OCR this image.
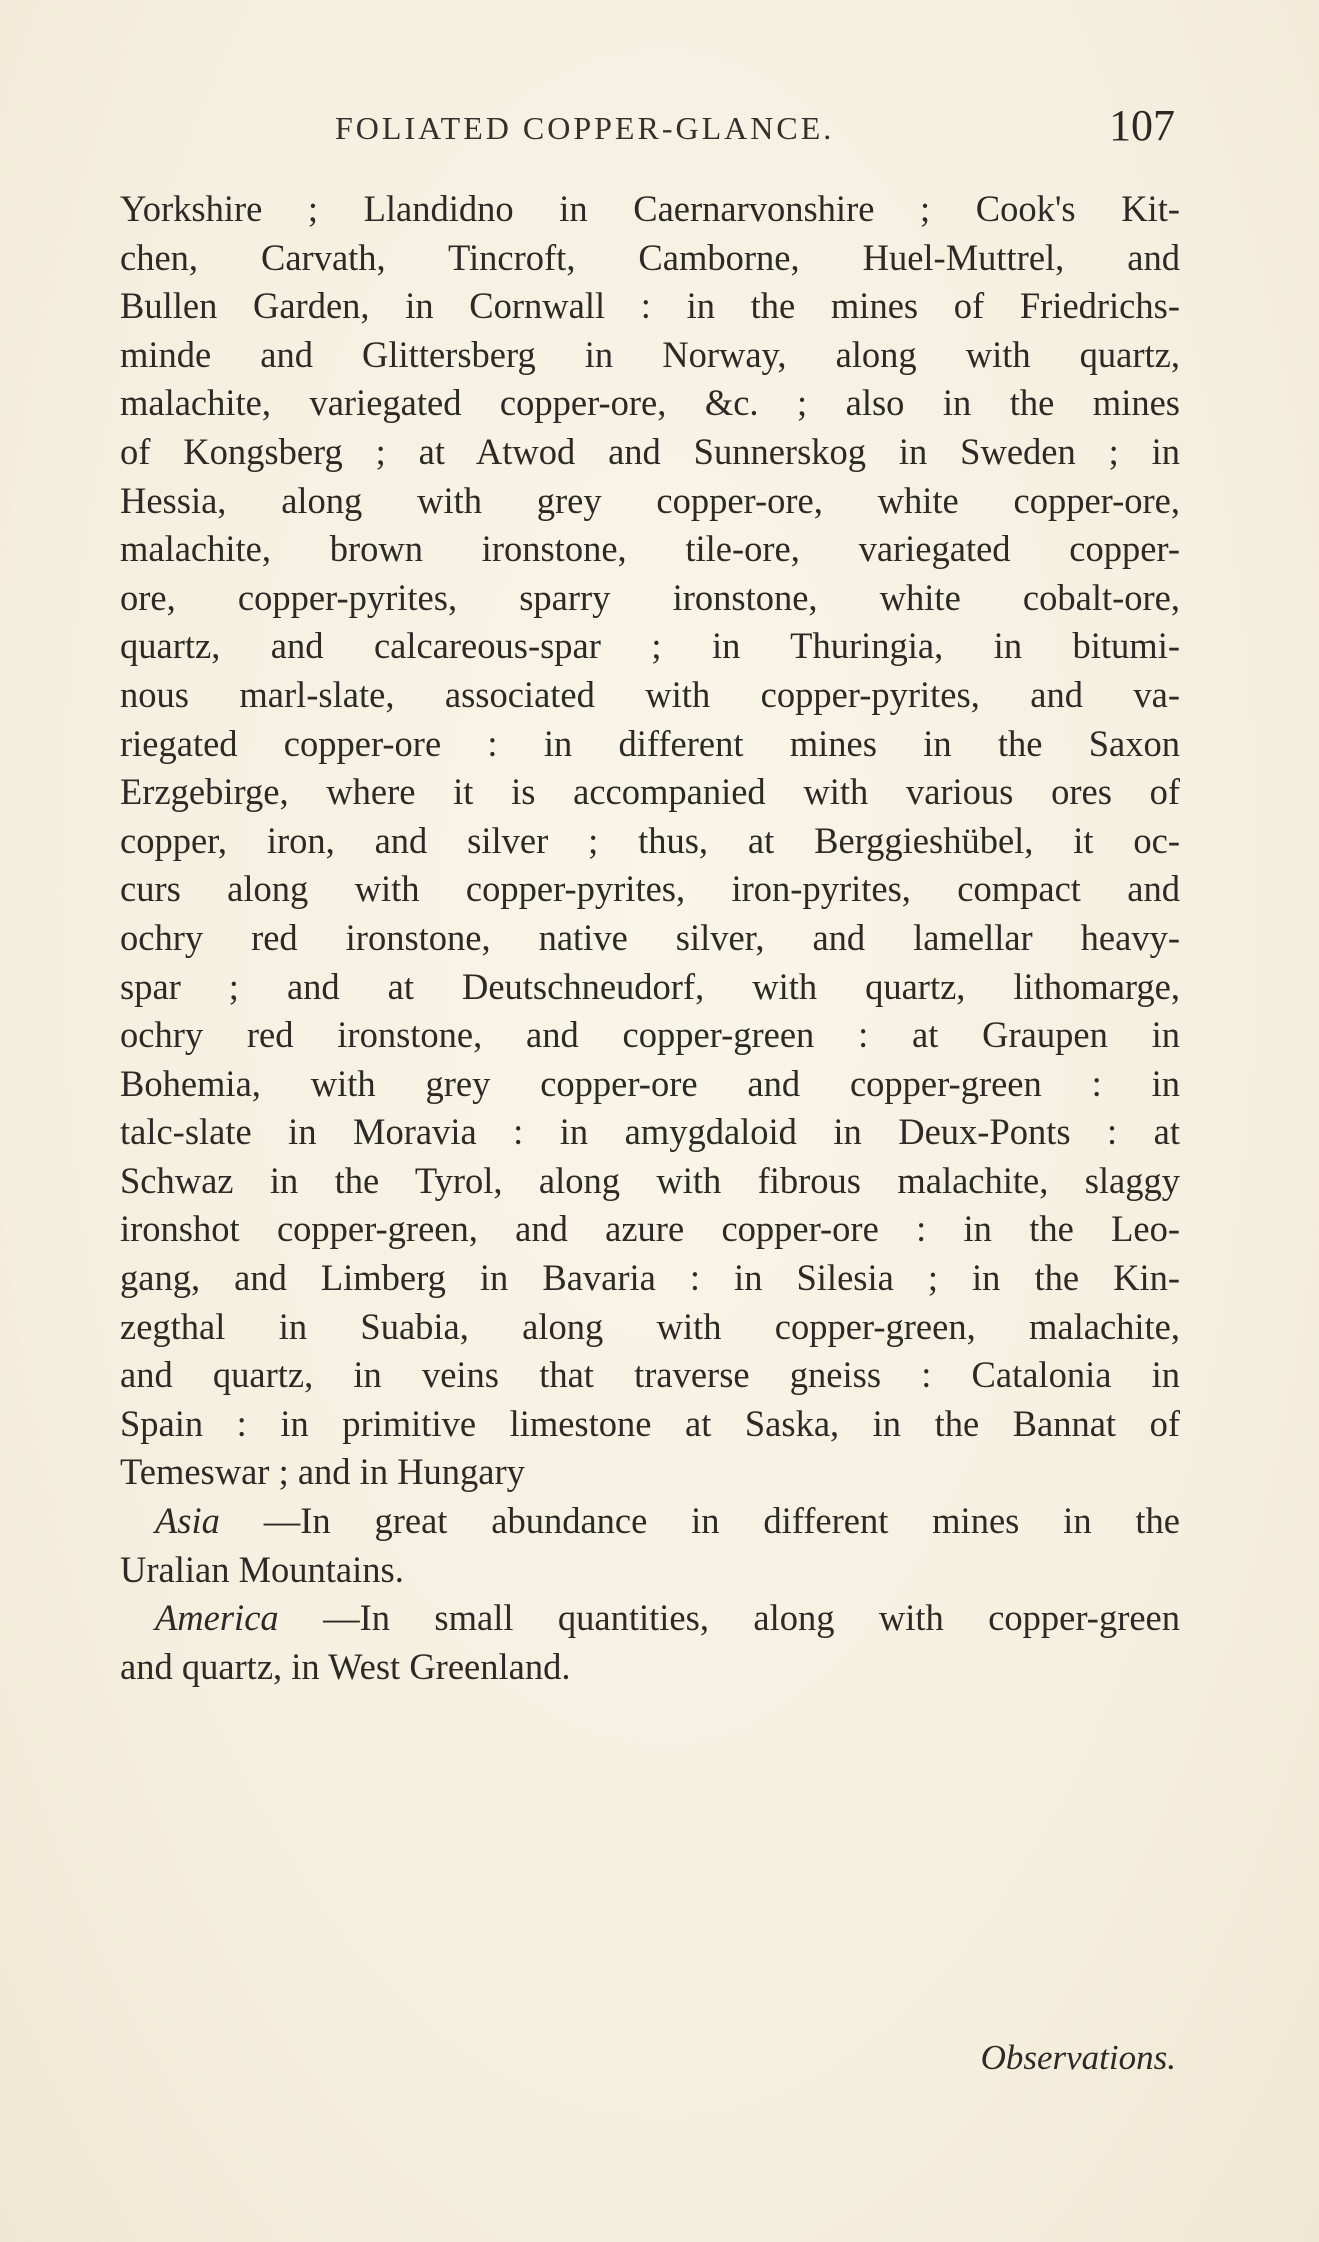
FOLIATED COPPER-GLANCE.	107
Yorkshire ; Llandidno in Caernarvonshire ; Cook's Kit-
chen, Carvath, Tincroft, Camborne, Huel-Muttrel, and
Bullen Garden, in Cornwall : in the mines of Friedrichs-
minde and Glittersberg in Norway, along with quartz,
malachite, variegated copper-ore, &c. ; also in the mines
of Kongsberg ; at Atwod and Sunnerskog in Sweden ; in
Hessia, along with grey copper-ore, white copper-ore,
malachite, brown ironstone, tile-ore, variegated copper-
ore, copper-pyrites, sparry ironstone, white cobalt-ore,
quartz, and calcareous-spar ; in Thuringia, in bitumi-
nous marl-slate, associated with copper-pyrites, and va-
riegated copper-ore : in different mines in the Saxon
Erzgebirge, where it is accompanied with various ores of
copper, iron, and silver ; thus, at Berggieshübel, it oc-
curs along with copper-pyrites, iron-pyrites, compact and
ochry red ironstone, native silver, and lamellar heavy-
spar ; and at Deutschneudorf, with quartz, lithomarge,
ochry red ironstone, and copper-green : at Graupen in
Bohemia, with grey copper-ore and copper-green : in
talc-slate in Moravia : in amygdaloid in Deux-Ponts : at
Schwaz in the Tyrol, along with fibrous malachite, slaggy
ironshot copper-green, and azure copper-ore : in the Leo-
gang, and Limberg in Bavaria : in Silesia ; in the Kin-
zegthal in Suabia, along with copper-green, malachite,
and quartz, in veins that traverse gneiss : Catalonia in
Spain : in primitive limestone at Saska, in the Bannat of
Temeswar ; and in Hungary
Asia —In great abundance in different mines in the
Uralian Mountains.
America —In small quantities, along with copper-green
and quartz, in West Greenland.
Observations.
